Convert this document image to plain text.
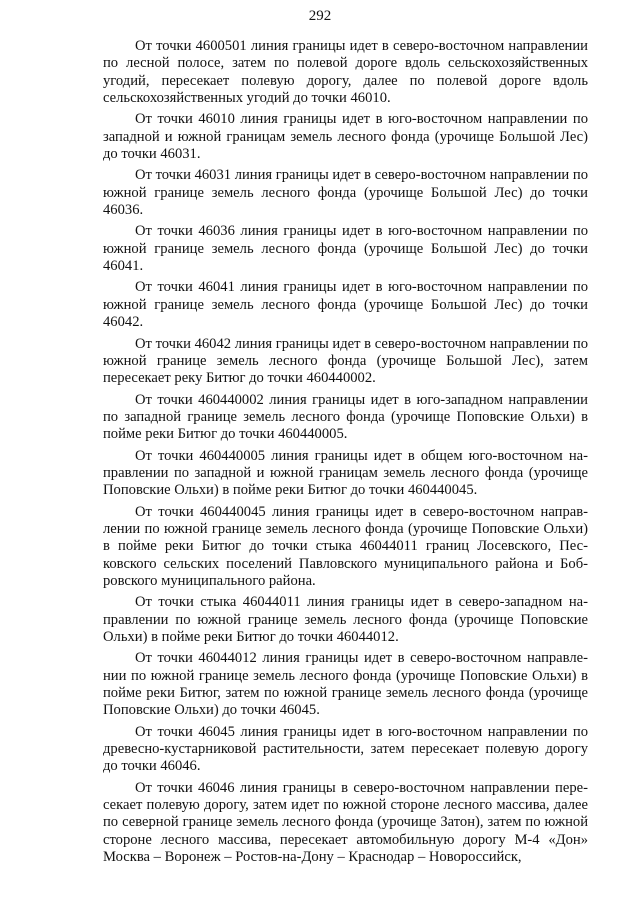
292

От точки 4600501 линия границы идет в северо-восточном направлении по лесной полосе, затем по полевой дороге вдоль сельскохозяйственных угодий, пересекает полевую дорогу, далее по полевой дороге вдоль сельскохозяйственных угодий до точки 46010.

От точки 46010 линия границы идет в юго-восточном направлении по западной и южной границам земель лесного фонда (урочище Большой Лес) до точки 46031.

От точки 46031 линия границы идет в северо-восточном направлении по южной границе земель лесного фонда (урочище Большой Лес) до точки 46036.

От точки 46036 линия границы идет в юго-восточном направлении по южной границе земель лесного фонда (урочище Большой Лес) до точки 46041.

От точки 46041 линия границы идет в юго-восточном направлении по южной границе земель лесного фонда (урочище Большой Лес) до точки 46042.

От точки 46042 линия границы идет в северо-восточном направлении по южной границе земель лесного фонда (урочище Большой Лес), затем пересекает реку Битюг до точки 460440002.

От точки 460440002 линия границы идет в юго-западном направлении по западной границе земель лесного фонда (урочище Поповские Ольхи) в пойме реки Битюг до точки 460440005.

От точки 460440005 линия границы идет в общем юго-восточном направлении по западной и южной границам земель лесного фонда (урочище Поповские Ольхи) в пойме реки Битюг до точки 460440045.

От точки 460440045 линия границы идет в северо-восточном направлении по южной границе земель лесного фонда (урочище Поповские Ольхи) в пойме реки Битюг до точки стыка 46044011 границ Лосевского, Песковского сельских поселений Павловского муниципального района и Бобровского муниципального района.

От точки стыка 46044011 линия границы идет в северо-западном направлении по южной границе земель лесного фонда (урочище Поповские Ольхи) в пойме реки Битюг до точки 46044012.

От точки 46044012 линия границы идет в северо-восточном направлении по южной границе земель лесного фонда (урочище Поповские Ольхи) в пойме реки Битюг, затем по южной границе земель лесного фонда (урочище Поповские Ольхи) до точки 46045.

От точки 46045 линия границы идет в юго-восточном направлении по древесно-кустарниковой растительности, затем пересекает полевую дорогу до точки 46046.

От точки 46046 линия границы в северо-восточном направлении пересекает полевую дорогу, затем идет по южной стороне лесного массива, далее по северной границе земель лесного фонда (урочище Затон), затем по южной стороне лесного массива, пересекает автомобильную дорогу М-4 «Дон» Москва – Воронеж – Ростов-на-Дону – Краснодар – Новороссийск,
